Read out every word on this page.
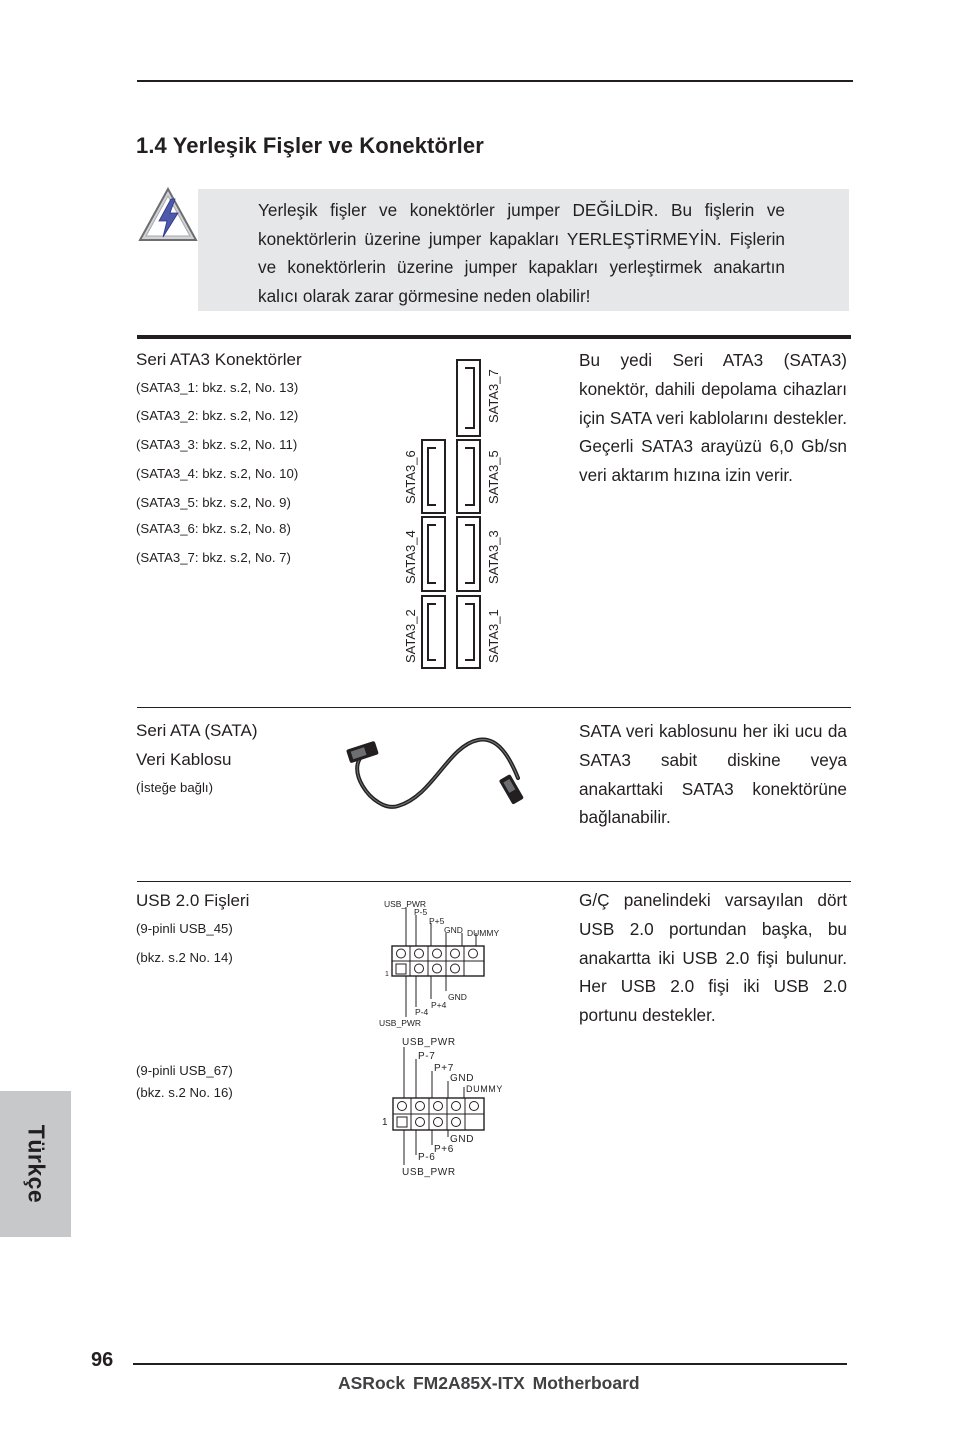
1.4 Yerleşik Fişler ve Konektörler
Yerleşik fişler ve konektörler jumper DEĞİLDİR. Bu fişlerin ve konektörlerin üzerine jumper kapakları YERLEŞTİRMEYİN. Fişlerin ve konektörlerin üzerine jumper kapakları yerleştirmek anakartın kalıcı olarak zarar görmesine neden olabilir!
Seri ATA3 Konektörler
(SATA3_1: bkz. s.2, No. 13)
(SATA3_2: bkz. s.2, No. 12)
(SATA3_3: bkz. s.2, No. 11)
(SATA3_4: bkz. s.2, No. 10)
(SATA3_5: bkz. s.2, No. 9)
(SATA3_6: bkz. s.2, No. 8)
(SATA3_7: bkz. s.2, No. 7)
SATA3_7
SATA3_6	SATA3_5
SATA3_4	SATA3_3
SATA3_2	SATA3_1
Bu yedi Seri ATA3 (SATA3) konektör, dahili depolama cihazları için SATA veri kablolarını destekler. Geçerli SATA3 arayüzü 6,0 Gb/sn veri aktarım hızına izin verir.
Seri ATA (SATA)
Veri Kablosu
(İsteğe bağlı)
SATA veri kablosunu her iki ucu da SATA3 sabit diskine veya anakarttaki SATA3 konektörüne bağlanabilir.
USB 2.0 Fişleri
(9-pinli USB_45)
(bkz. s.2 No. 14)
(9-pinli USB_67)
(bkz. s.2 No. 16)
G/Ç panelindeki varsayılan dört USB 2.0 portundan başka, bu anakartta iki USB 2.0 fişi bulunur. Her USB 2.0 fişi iki USB 2.0 portunu destekler.
USB_PWR
P-5
P+5
GND DUMMY
1
GND
P+4
P-4
USB_PWR
USB_PWR
P-7
P+7
GND
DUMMY
1
GND
P+6
P-6
USB_PWR
Türkçe
96
ASRock FM2A85X-ITX Motherboard
